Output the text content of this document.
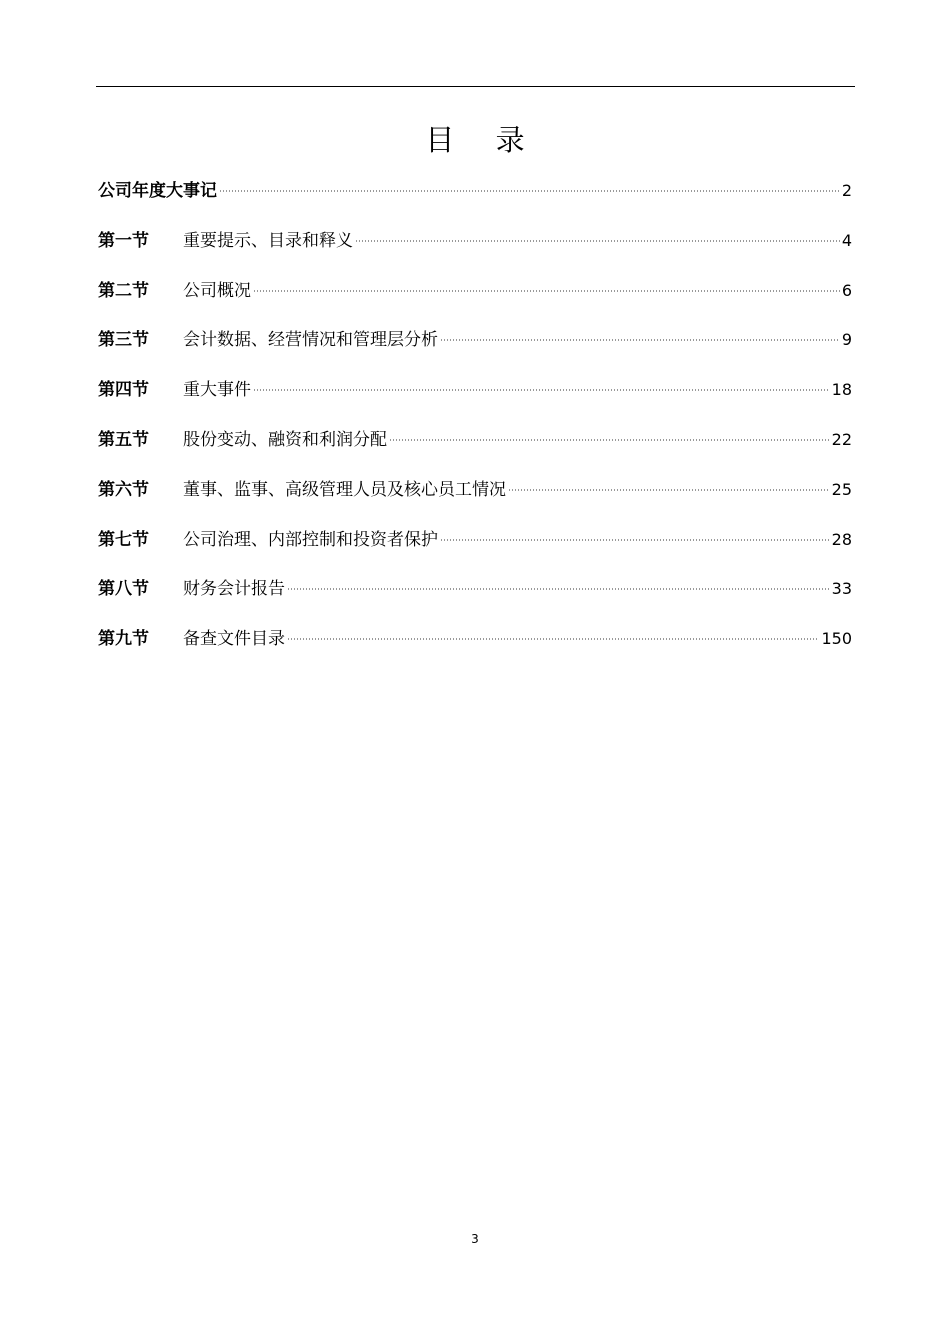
目 录
公司年度大事记	2
第一节	重要提示、目录和释义	4
第二节	公司概况	6
第三节	会计数据、经营情况和管理层分析	9
第四节	重大事件	18
第五节	股份变动、融资和利润分配	22
第六节	董事、监事、高级管理人员及核心员工情况	25
第七节	公司治理、内部控制和投资者保护	28
第八节	财务会计报告	33
第九节	备查文件目录	150
3
